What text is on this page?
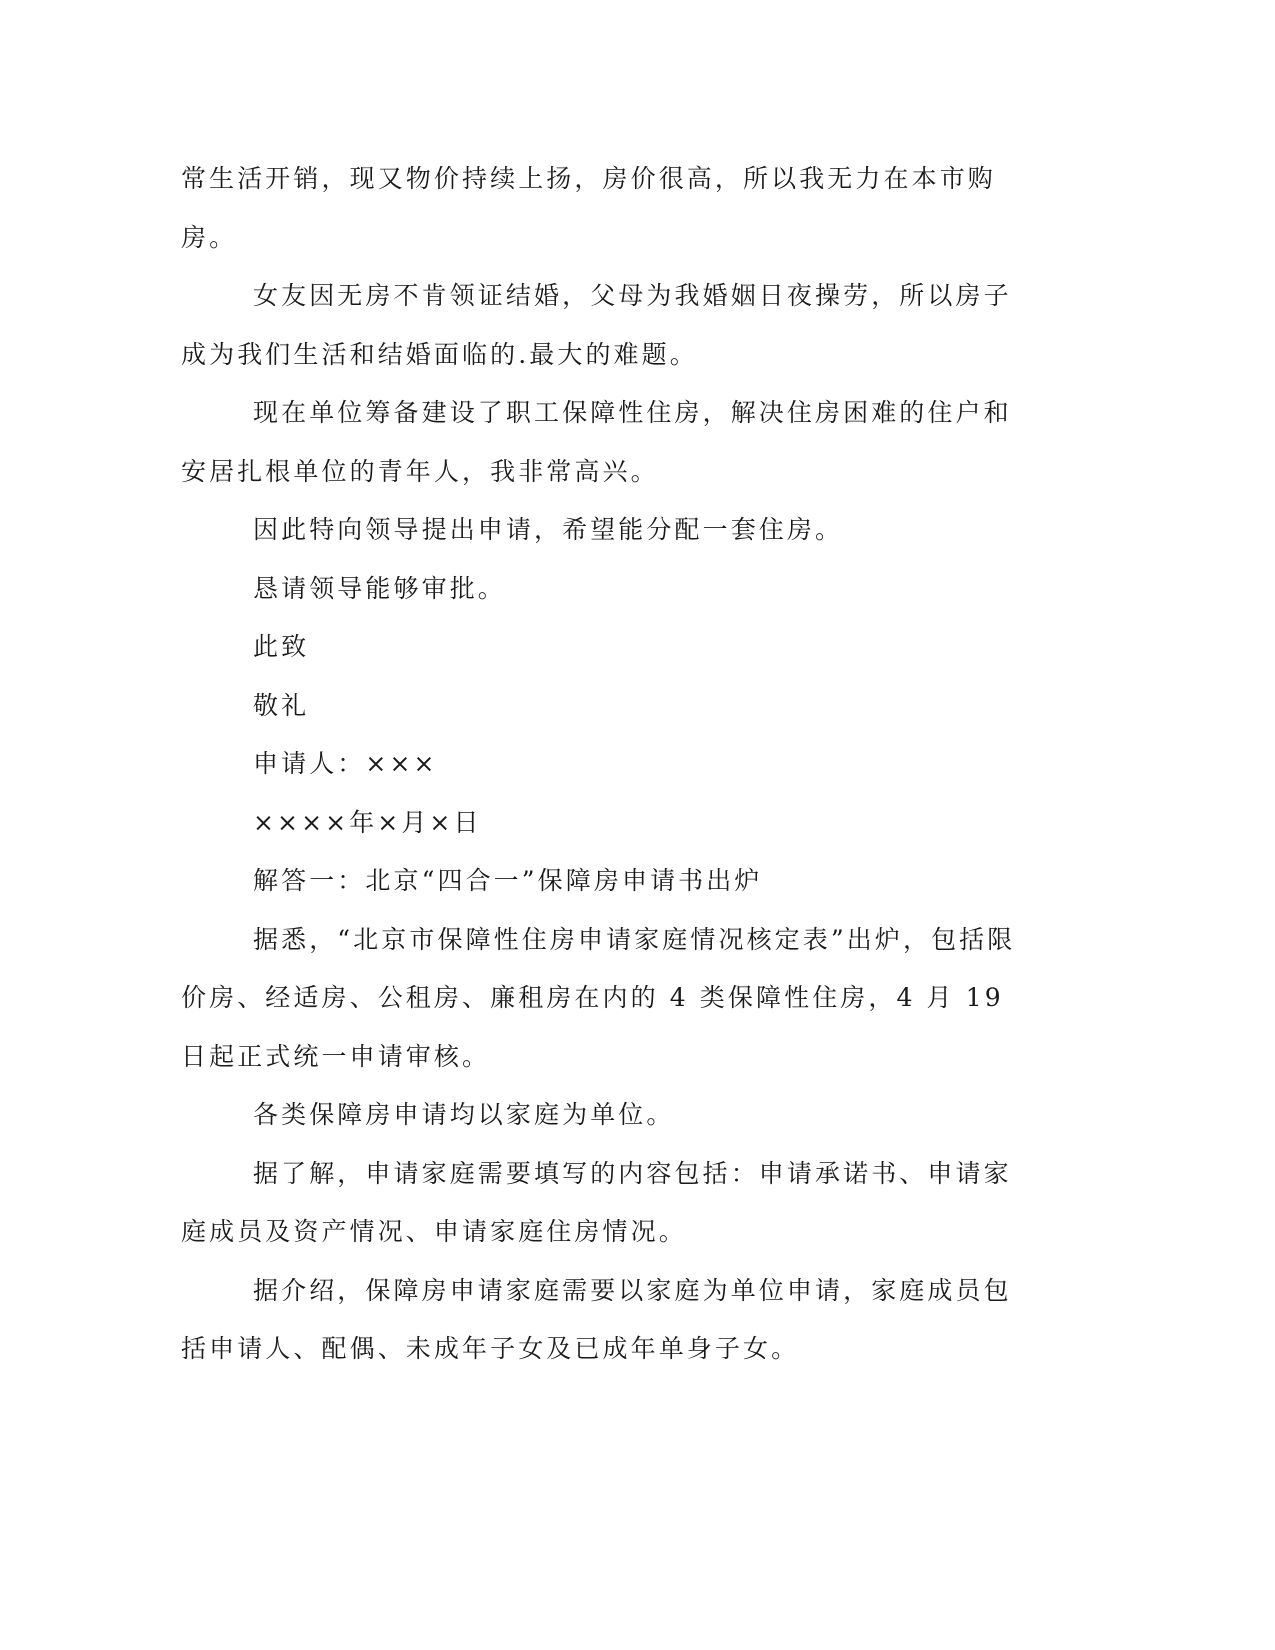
常生活开销，现又物价持续上扬，房价很高，所以我无力在本市购房。

女友因无房不肯领证结婚，父母为我婚姻日夜操劳，所以房子成为我们生活和结婚面临的.最大的难题。

现在单位筹备建设了职工保障性住房，解决住房困难的住户和安居扎根单位的青年人，我非常高兴。

因此特向领导提出申请，希望能分配一套住房。

恳请领导能够审批。

此致

敬礼

申请人：×××

××××年×月×日

解答一：北京“四合一”保障房申请书出炉

据悉，“北京市保障性住房申请家庭情况核定表”出炉，包括限价房、经适房、公租房、廉租房在内的 4 类保障性住房，4 月 19 日起正式统一申请审核。

各类保障房申请均以家庭为单位。

据了解，申请家庭需要填写的内容包括：申请承诺书、申请家庭成员及资产情况、申请家庭住房情况。

据介绍，保障房申请家庭需要以家庭为单位申请，家庭成员包括申请人、配偶、未成年子女及已成年单身子女。
